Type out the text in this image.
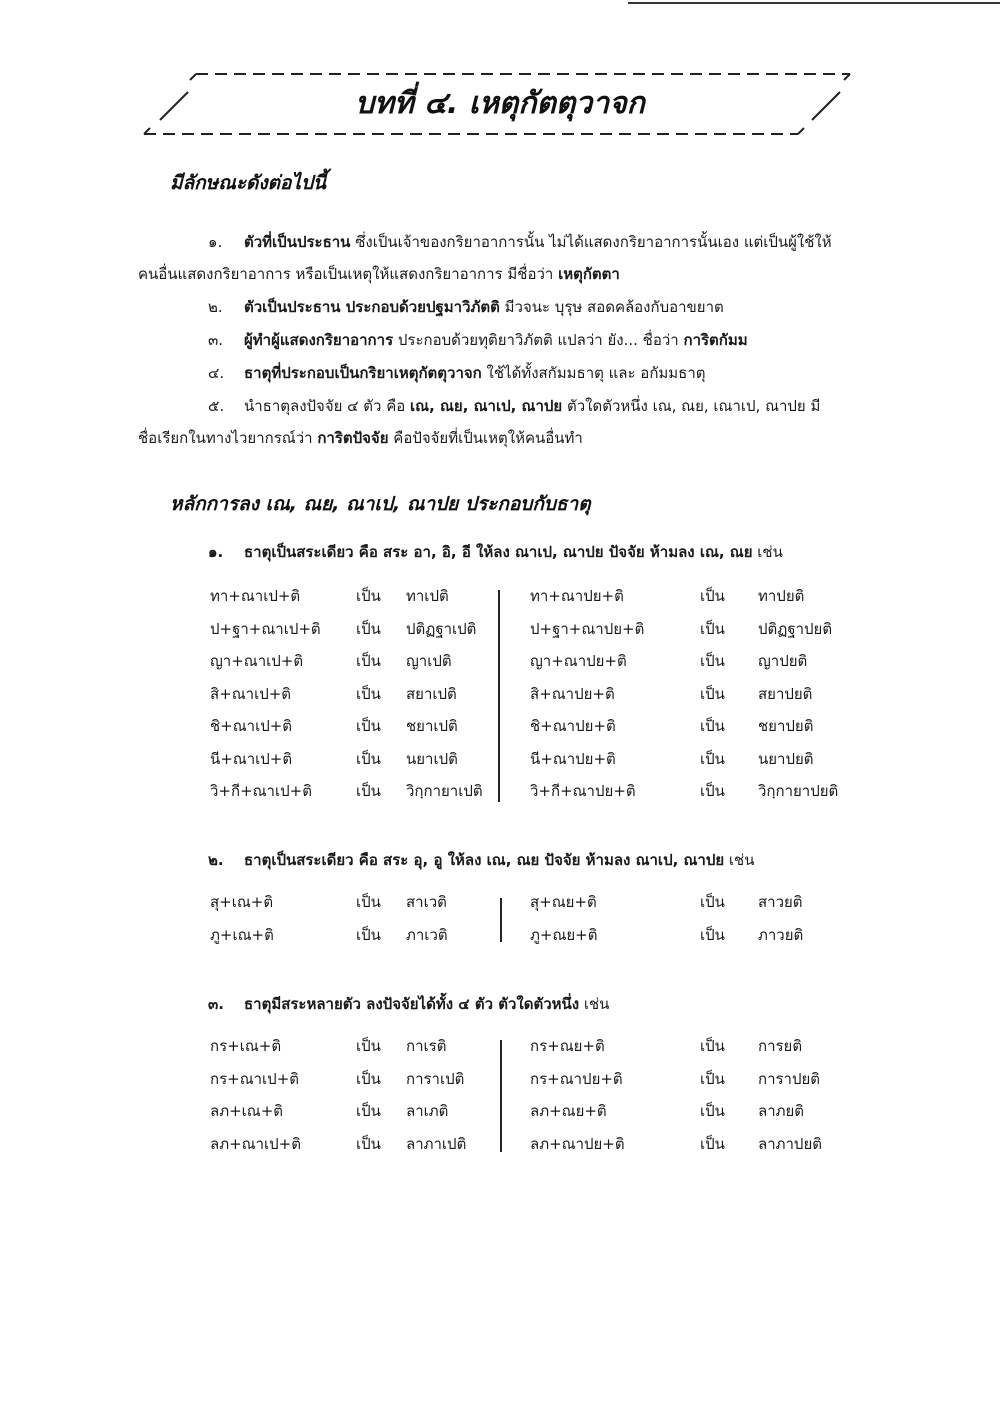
บทที่ ๔. เหตุกัตตุวาจก
มีลักษณะดังต่อไปนี้
๑. ตัวที่เป็นประธาน ซึ่งเป็นเจ้าของกริยาอาการนั้น ไม่ได้แสดงกริยาอาการนั้นเอง แต่เป็นผู้ใช้ให้
คนอื่นแสดงกริยาอาการ หรือเป็นเหตุให้แสดงกริยาอาการ มีชื่อว่า เหตุกัตตา
๒. ตัวเป็นประธาน ประกอบด้วยปฐมาวิภัตติ มีวจนะ บุรุษ สอดคล้องกับอาขยาต
๓. ผู้ทำผู้แสดงกริยาอาการ ประกอบด้วยทุติยาวิภัตติ แปลว่า ยัง... ชื่อว่า การิตกัมม
๔. ธาตุที่ประกอบเป็นกริยาเหตุกัตตุวาจก ใช้ได้ทั้งสกัมมธาตุ และ อกัมมธาตุ
๕. นำธาตุลงปัจจัย ๔ ตัว คือ เณ, ณย, ณาเป, ณาปย ตัวใดตัวหนึ่ง เณ, ณย, เณาเป, ณาปย มี
ชื่อเรียกในทางไวยากรณ์ว่า การิตปัจจัย คือปัจจัยที่เป็นเหตุให้คนอื่นทำ
หลักการลง เณ, ณย, ณาเป, ณาปย ประกอบกับธาตุ
๑. ธาตุเป็นสระเดียว คือ สระ อา, อิ, อี ให้ลง ณาเป, ณาปย ปัจจัย ห้ามลง เณ, ณย เช่น
ทา+ณาเป+ติ	เป็น	ทาเปติ		ทา+ณาปย+ติ	เป็น	ทาปยติ
ป+ฐา+ณาเป+ติ	เป็น	ปติฏฐาเปติ		ป+ฐา+ณาปย+ติ	เป็น	ปติฏฐาปยติ
ญา+ณาเป+ติ	เป็น	ญาเปติ		ญา+ณาปย+ติ	เป็น	ญาปยติ
สิ+ณาเป+ติ	เป็น	สยาเปติ		สิ+ณาปย+ติ	เป็น	สยาปยติ
ชิ+ณาเป+ติ	เป็น	ชยาเปติ		ชิ+ณาปย+ติ	เป็น	ชยาปยติ
นี+ณาเป+ติ	เป็น	นยาเปติ		นี+ณาปย+ติ	เป็น	นยาปยติ
วิ+กี+ณาเป+ติ	เป็น	วิกฺกายาเปติ		วิ+กี+ณาปย+ติ	เป็น	วิกฺกายาปยติ
๒. ธาตุเป็นสระเดียว คือ สระ อุ, อู ให้ลง เณ, ณย ปัจจัย ห้ามลง ณาเป, ณาปย เช่น
สุ+เณ+ติ	เป็น	สาเวติ		สุ+ณย+ติ	เป็น	สาวยติ
ภู+เณ+ติ	เป็น	ภาเวติ		ภู+ณย+ติ	เป็น	ภาวยติ
๓. ธาตุมีสระหลายตัว ลงปัจจัยได้ทั้ง ๔ ตัว ตัวใดตัวหนึ่ง เช่น
กร+เณ+ติ	เป็น	กาเรติ		กร+ณย+ติ	เป็น	การยติ
กร+ณาเป+ติ	เป็น	การาเปติ		กร+ณาปย+ติ	เป็น	การาปยติ
ลภ+เณ+ติ	เป็น	ลาเภติ		ลภ+ณย+ติ	เป็น	ลาภยติ
ลภ+ณาเป+ติ	เป็น	ลาภาเปติ		ลภ+ณาปย+ติ	เป็น	ลาภาปยติ
